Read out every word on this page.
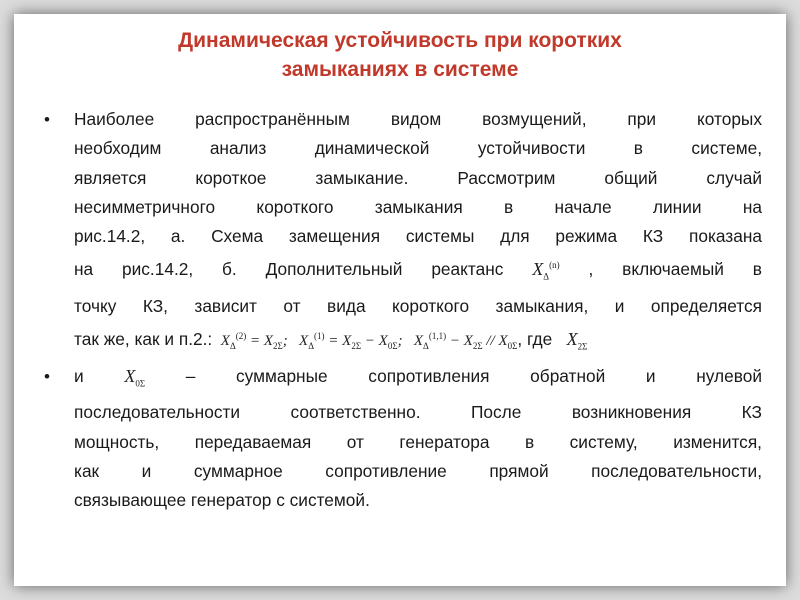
Динамическая устойчивость при коротких
замыканиях в системе
• Наиболее распространённым видом возмущений, при которых
необходим анализ динамической устойчивости в системе,
является короткое замыкание. Рассмотрим общий случай
несимметричного короткого замыкания в начале линии на
рис.14.2, а. Схема замещения системы для режима КЗ показана
на рис.14.2, б. Дополнительный реактанс $X_\Delta^{(n)}$ , включаемый в
точку КЗ, зависит от вида короткого замыкания, и определяется
так же, как и п.2.:  $X_\Delta^{(2)} = X_{2\Sigma}$;   $X_\Delta^{(1)} = X_{2\Sigma} - X_{0\Sigma}$;   $X_\Delta^{(1,1)} - X_{2\Sigma} // X_{0\Sigma}$, где $X_{2\Sigma}$
• и $X_{0\Sigma}$ – суммарные сопротивления обратной и нулевой
последовательности соответственно. После возникновения КЗ
мощность, передаваемая от генератора в систему, изменится,
как и суммарное сопротивление прямой последовательности,
связывающее генератор с системой.
